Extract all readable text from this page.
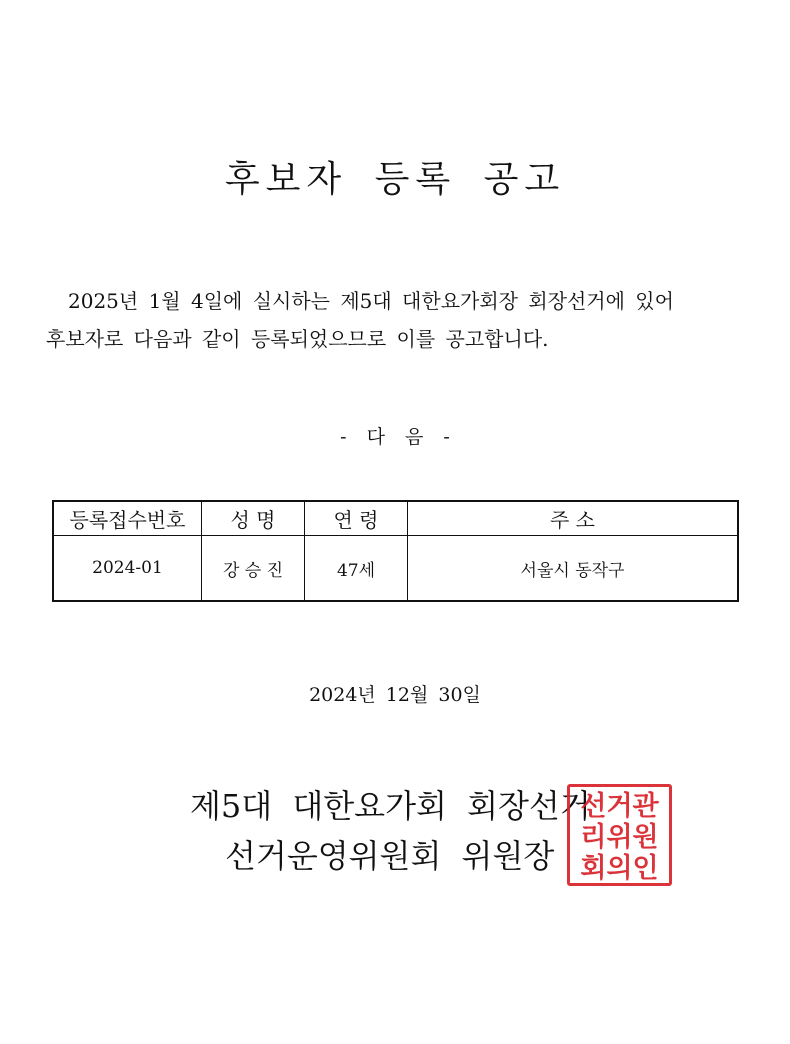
후보자 등록 공고
2025년 1월 4일에 실시하는 제5대 대한요가회장 회장선거에 있어
후보자로 다음과 같이 등록되었으므로 이를 공고합니다.
- 다 음 -
등록접수번호	성 명	연 령	주 소
2024-01	강 승 진	47세	서울시 동작구
2024년 12월 30일
제5대 대한요가회 회장선거
선거운영위원회 위원장
선거관
리위원
회의인
